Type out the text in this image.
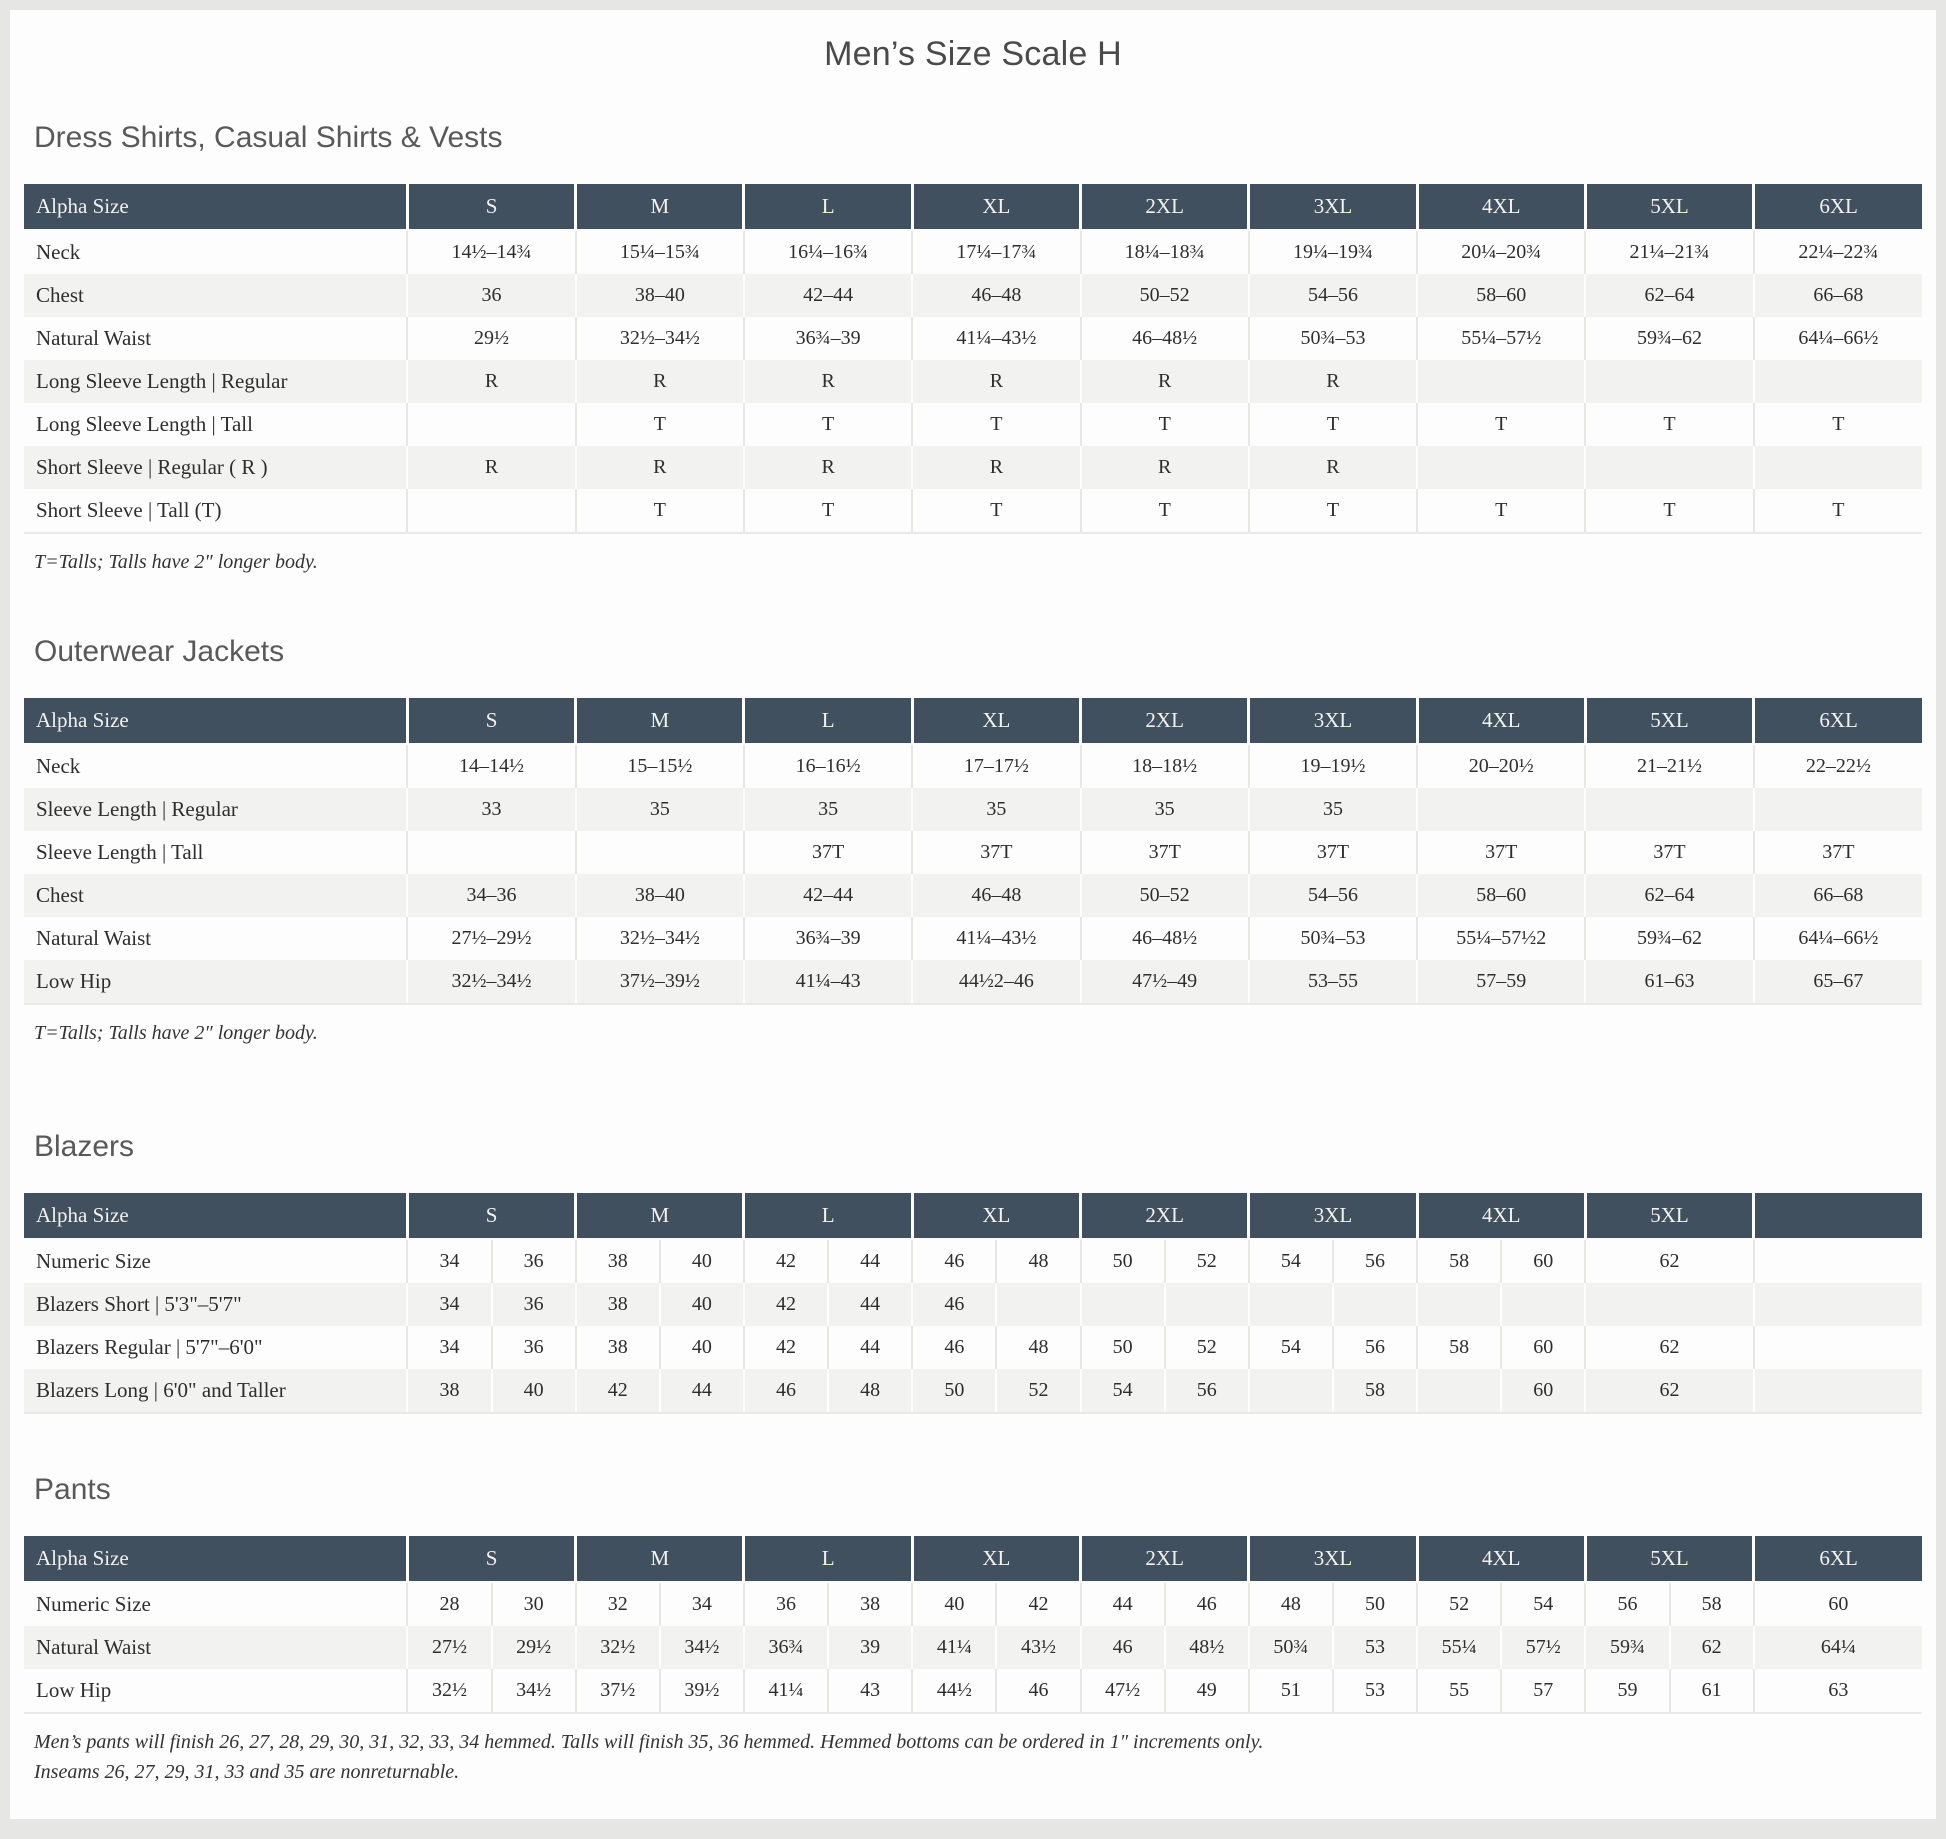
Men’s Size Scale H
Dress Shirts, Casual Shirts & Vests
Alpha Size	S	M	L	XL	2XL	3XL	4XL	5XL	6XL
Neck	14½–14¾	15¼–15¾	16¼–16¾	17¼–17¾	18¼–18¾	19¼–19¾	20¼–20¾	21¼–21¾	22¼–22¾
Chest	36	38–40	42–44	46–48	50–52	54–56	58–60	62–64	66–68
Natural Waist	29½	32½–34½	36¾–39	41¼–43½	46–48½	50¾–53	55¼–57½	59¾–62	64¼–66½
Long Sleeve Length | Regular	R	R	R	R	R	R			
Long Sleeve Length | Tall		T	T	T	T	T	T	T	T
Short Sleeve | Regular ( R )	R	R	R	R	R	R			
Short Sleeve | Tall (T)		T	T	T	T	T	T	T	T

T=Talls; Talls have 2″ longer body.

Outerwear Jackets
Alpha Size	S	M	L	XL	2XL	3XL	4XL	5XL	6XL
Neck	14–14½	15–15½	16–16½	17–17½	18–18½	19–19½	20–20½	21–21½	22–22½
Sleeve Length | Regular	33	35	35	35	35	35			
Sleeve Length | Tall			37T	37T	37T	37T	37T	37T	37T
Chest	34–36	38–40	42–44	46–48	50–52	54–56	58–60	62–64	66–68
Natural Waist	27½–29½	32½–34½	36¾–39	41¼–43½	46–48½	50¾–53	55¼–57½2	59¾–62	64¼–66½
Low Hip	32½–34½	37½–39½	41¼–43	44½2–46	47½–49	53–55	57–59	61–63	65–67

T=Talls; Talls have 2″ longer body.

Blazers
Alpha Size	S		M		L		XL		2XL		3XL		4XL		5XL	
Numeric Size	34	36	38	40	42	44	46	48	50	52	54	56	58	60	62	
Blazers Short | 5'3"–5'7"	34	36	38	40	42	44	46									
Blazers Regular | 5'7"–6'0"	34	36	38	40	42	44	46	48	50	52	54	56	58	60	62	
Blazers Long | 6'0" and Taller	38	40	42	44	46	48	50	52	54	56		58		60	62	
Pants
Alpha Size	S		M		L		XL		2XL		3XL		4XL		5XL		6XL
Numeric Size	28	30	32	34	36	38	40	42	44	46	48	50	52	54	56	58	60
Natural Waist	27½	29½	32½	34½	36¾	39	41¼	43½	46	48½	50¾	53	55¼	57½	59¾	62	64¼
Low Hip	32½	34½	37½	39½	41¼	43	44½	46	47½	49	51	53	55	57	59	61	63

Men’s pants will finish 26, 27, 28, 29, 30, 31, 32, 33, 34 hemmed. Talls will finish 35, 36 hemmed. Hemmed bottoms can be ordered in 1″ increments only.

Inseams 26, 27, 29, 31, 33 and 35 are nonreturnable.
